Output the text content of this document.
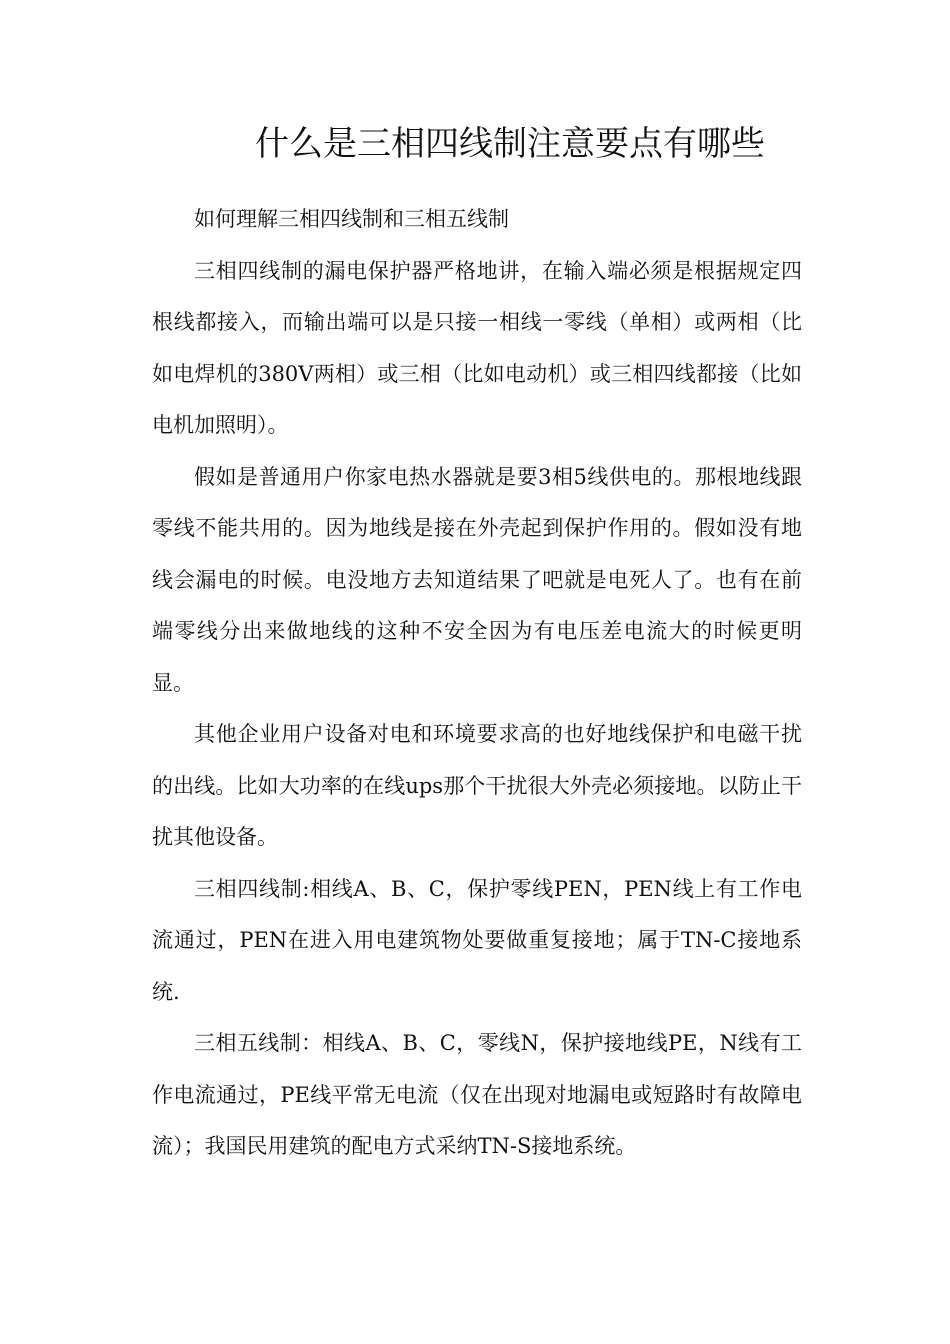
什么是三相四线制注意要点有哪些

如何理解三相四线制和三相五线制

三相四线制的漏电保护器严格地讲，在输入端必须是根据规定四根线都接入，而输出端可以是只接一相线一零线（单相）或两相（比如电焊机的380V两相）或三相（比如电动机）或三相四线都接（比如电机加照明）。

假如是普通用户你家电热水器就是要3相5线供电的。那根地线跟零线不能共用的。因为地线是接在外壳起到保护作用的。假如没有地线会漏电的时候。电没地方去知道结果了吧就是电死人了。也有在前端零线分出来做地线的这种不安全因为有电压差电流大的时候更明显。

其他企业用户设备对电和环境要求高的也好地线保护和电磁干扰的出线。比如大功率的在线ups那个干扰很大外壳必须接地。以防止干扰其他设备。

三相四线制:相线A、B、C，保护零线PEN，PEN线上有工作电流通过，PEN在进入用电建筑物处要做重复接地；属于TN-C接地系统.

三相五线制：相线A、B、C，零线N，保护接地线PE，N线有工作电流通过，PE线平常无电流（仅在出现对地漏电或短路时有故障电流）；我国民用建筑的配电方式采纳TN-S接地系统。
